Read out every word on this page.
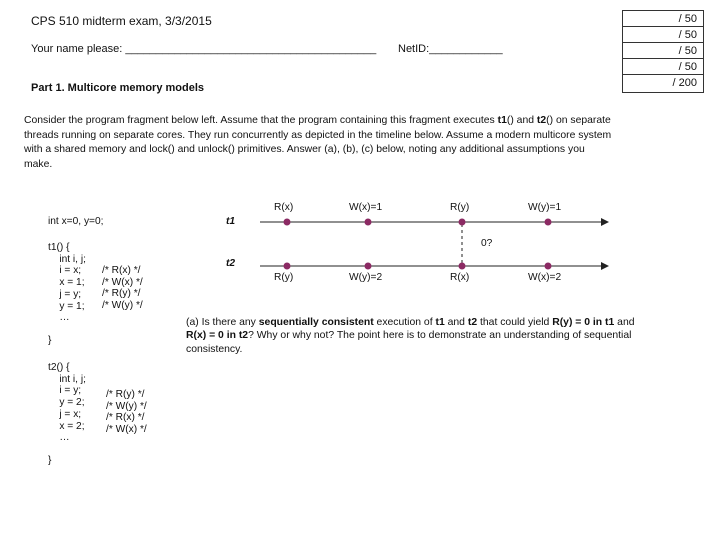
CPS 510 midterm exam, 3/3/2015
Your name please: _________________________________________ NetID:____________
/ 50
/ 50
/ 50
/ 50
/ 200
Part 1. Multicore memory models
Consider the program fragment below left. Assume that the program containing this fragment executes t1() and t2() on separate threads running on separate cores. They run concurrently as depicted in the timeline below. Assume a modern multicore system with a shared memory and lock() and unlock() primitives. Answer (a), (b), (c) below, noting any additional assumptions you make.
int x=0, y=0;
t1() {
int i, j;
i = x;
x = 1;
j = y;
y = 1;
…

}
/* R(x) */
/* W(x) */
/* R(y) */
/* W(y) */

t2() {
int i, j;
i = y;
y = 2;
j = x;
x = 2;
…

}
/* R(y) */
/* W(y) */
/* R(x) */
/* W(x) */

t1
t2
R(x)	W(x)=1	R(y)	W(y)=1
R(y)	W(y)=2	R(x)	W(x)=2
0?
(a) Is there any sequentially consistent execution of t1 and t2 that could yield R(y) = 0 in t1 and R(x) = 0 in t2? Why or why not? The point here is to demonstrate an understanding of sequential consistency.
